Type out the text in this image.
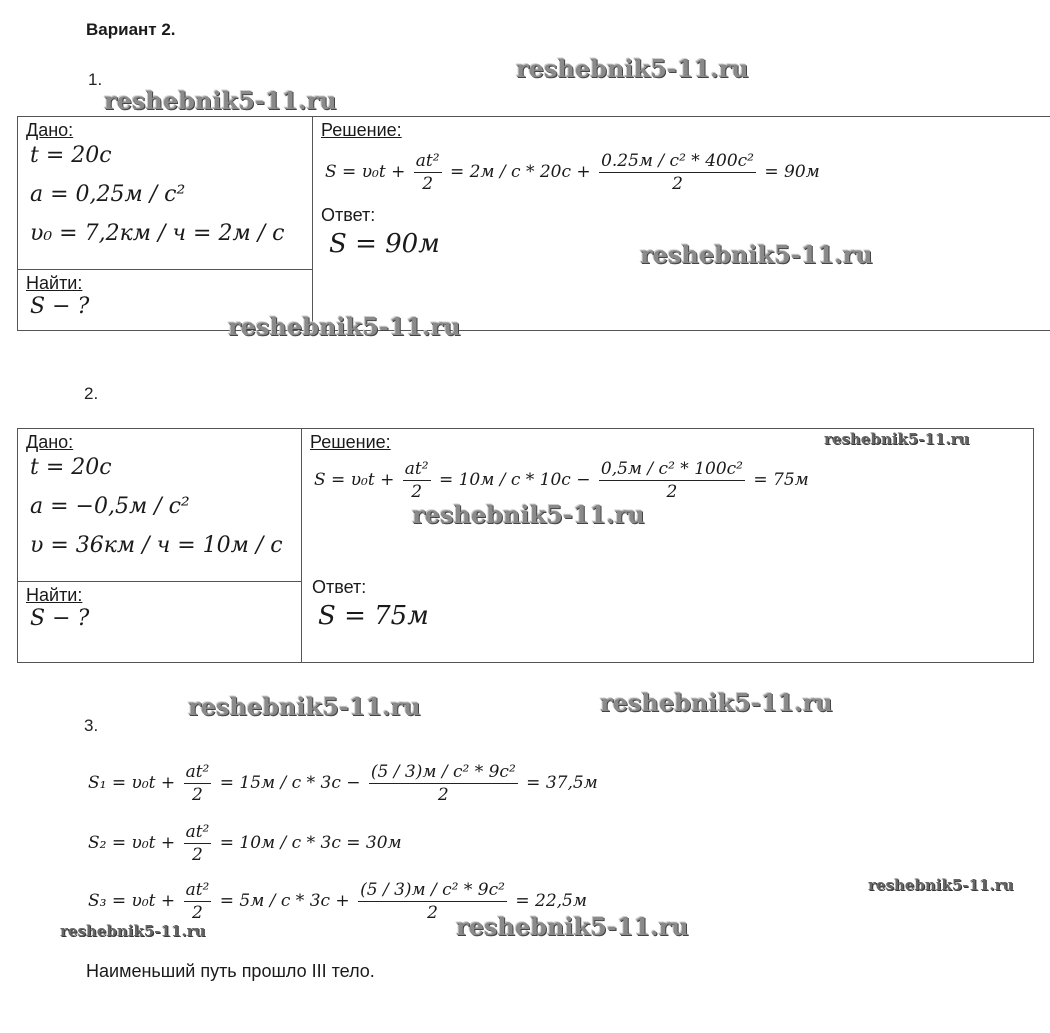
Вариант 2.
1.
Дано:
t = 20c
a = 0,25м / c²
υ₀ = 7,2км / ч = 2м / c

Решение:
$S = \upsilon_0t + \frac{\text{at²}}{2} = 2м / c * 20c + \frac{\text{0.25м / c² * 400c²}}{2} = 90м$
Ответ:
S = 90м

Найти:
S − ?
2.
Дано:
t = 20c
a = −0,5м / c²
υ = 36км / ч = 10м / c

Решение:
$S = \upsilon_0t + \frac{\text{at²}}{2} = 10м / c * 10c - \frac{\text{0,5м / c² * 100c²}}{2} = 75м$
Ответ:
S = 75м

Найти:
S − ?
3.
$S_1 = \upsilon_0t + \frac{\text{at²}}{2} = 15м / c * 3c - \frac{\text{(5 / 3)м / c² * 9c²}}{2} = 37,5м$
$S_2 = \upsilon_0t + \frac{\text{at²}}{2} = 10м / c * 3c = 30м$
$S_3 = \upsilon_0t + \frac{\text{at²}}{2} = 5м / c * 3c + \frac{\text{(5 / 3)м / c² * 9c²}}{2} = 22,5м$
Наименьший путь прошло III тело.
reshebnik5-11.ru
reshebnik5-11.ru
reshebnik5-11.ru
reshebnik5-11.ru
reshebnik5-11.ru
reshebnik5-11.ru
reshebnik5-11.ru	reshebnik5-11.ru
reshebnik5-11.ru
reshebnik5-11.ru	reshebnik5-11.ru
